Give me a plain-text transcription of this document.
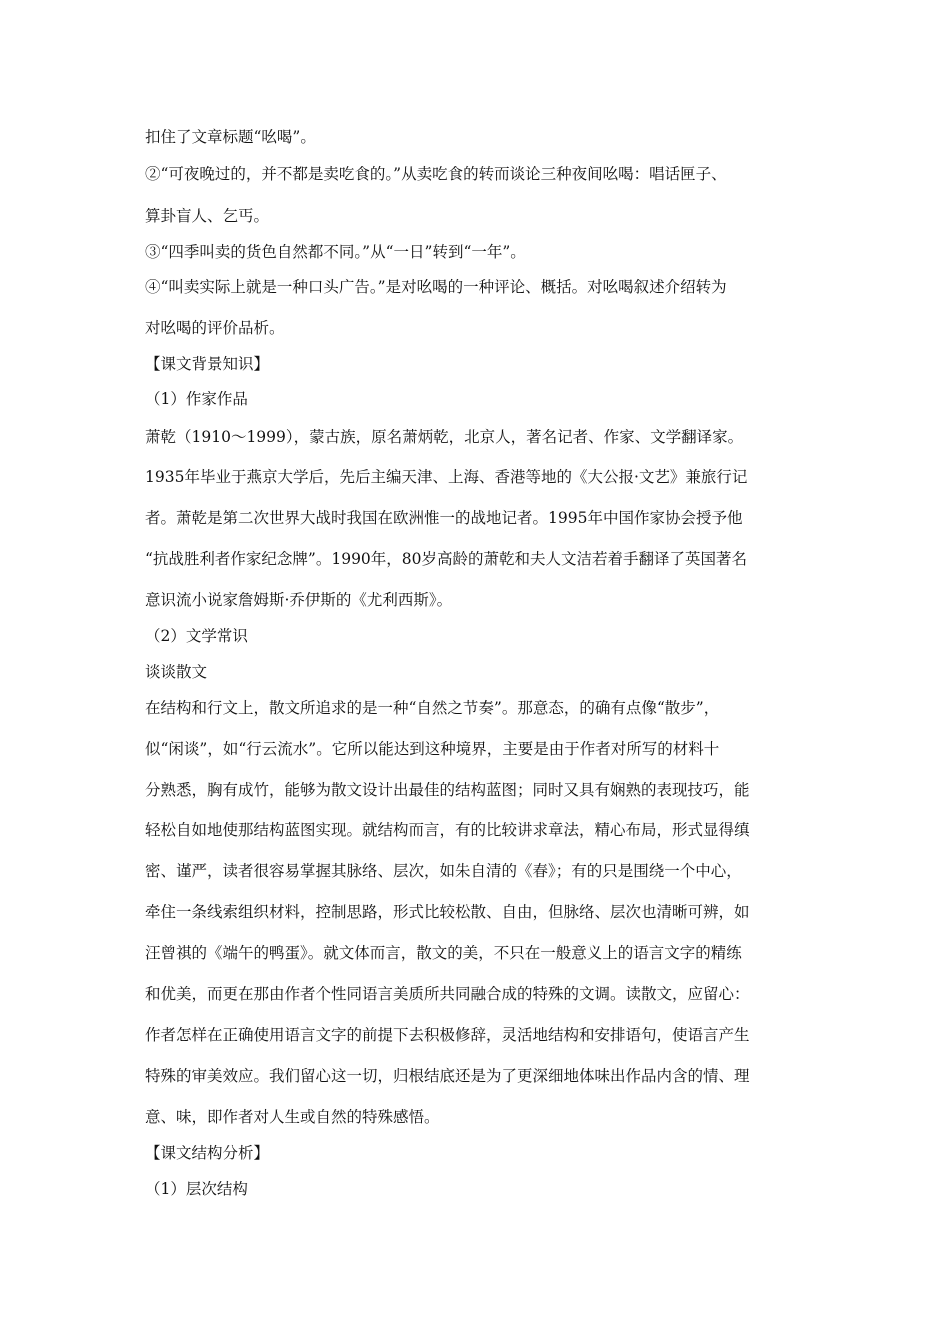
扣住了文章标题“吆喝”。
②“可夜晚过的，并不都是卖吃食的。”从卖吃食的转而谈论三种夜间吆喝：唱话匣子、
算卦盲人、乞丐。
③“四季叫卖的货色自然都不同。”从“一日”转到“一年”。
④“叫卖实际上就是一种口头广告。”是对吆喝的一种评论、概括。对吆喝叙述介绍转为
对吆喝的评价品析。
【课文背景知识】
（1）作家作品
萧乾（1910～1999），蒙古族，原名萧炳乾，北京人，著名记者、作家、文学翻译家。
1935年毕业于燕京大学后，先后主编天津、上海、香港等地的《大公报·文艺》兼旅行记
者。萧乾是第二次世界大战时我国在欧洲惟一的战地记者。1995年中国作家协会授予他
“抗战胜利者作家纪念牌”。1990年，80岁高龄的萧乾和夫人文洁若着手翻译了英国著名
意识流小说家詹姆斯·乔伊斯的《尤利西斯》。
（2）文学常识
谈谈散文
在结构和行文上，散文所追求的是一种“自然之节奏”。那意态，的确有点像“散步”，
似“闲谈”，如“行云流水”。它所以能达到这种境界，主要是由于作者对所写的材料十
分熟悉，胸有成竹，能够为散文设计出最佳的结构蓝图；同时又具有娴熟的表现技巧，能
轻松自如地使那结构蓝图实现。就结构而言，有的比较讲求章法，精心布局，形式显得缜
密、谨严，读者很容易掌握其脉络、层次，如朱自清的《春》；有的只是围绕一个中心，
牵住一条线索组织材料，控制思路，形式比较松散、自由，但脉络、层次也清晰可辨，如
汪曾祺的《端午的鸭蛋》。就文体而言，散文的美，不只在一般意义上的语言文字的精练
和优美，而更在那由作者个性同语言美质所共同融合成的特殊的文调。读散文，应留心：
作者怎样在正确使用语言文字的前提下去积极修辞，灵活地结构和安排语句，使语言产生
特殊的审美效应。我们留心这一切，归根结底还是为了更深细地体味出作品内含的情、理
意、味，即作者对人生或自然的特殊感悟。
【课文结构分析】
（1）层次结构
